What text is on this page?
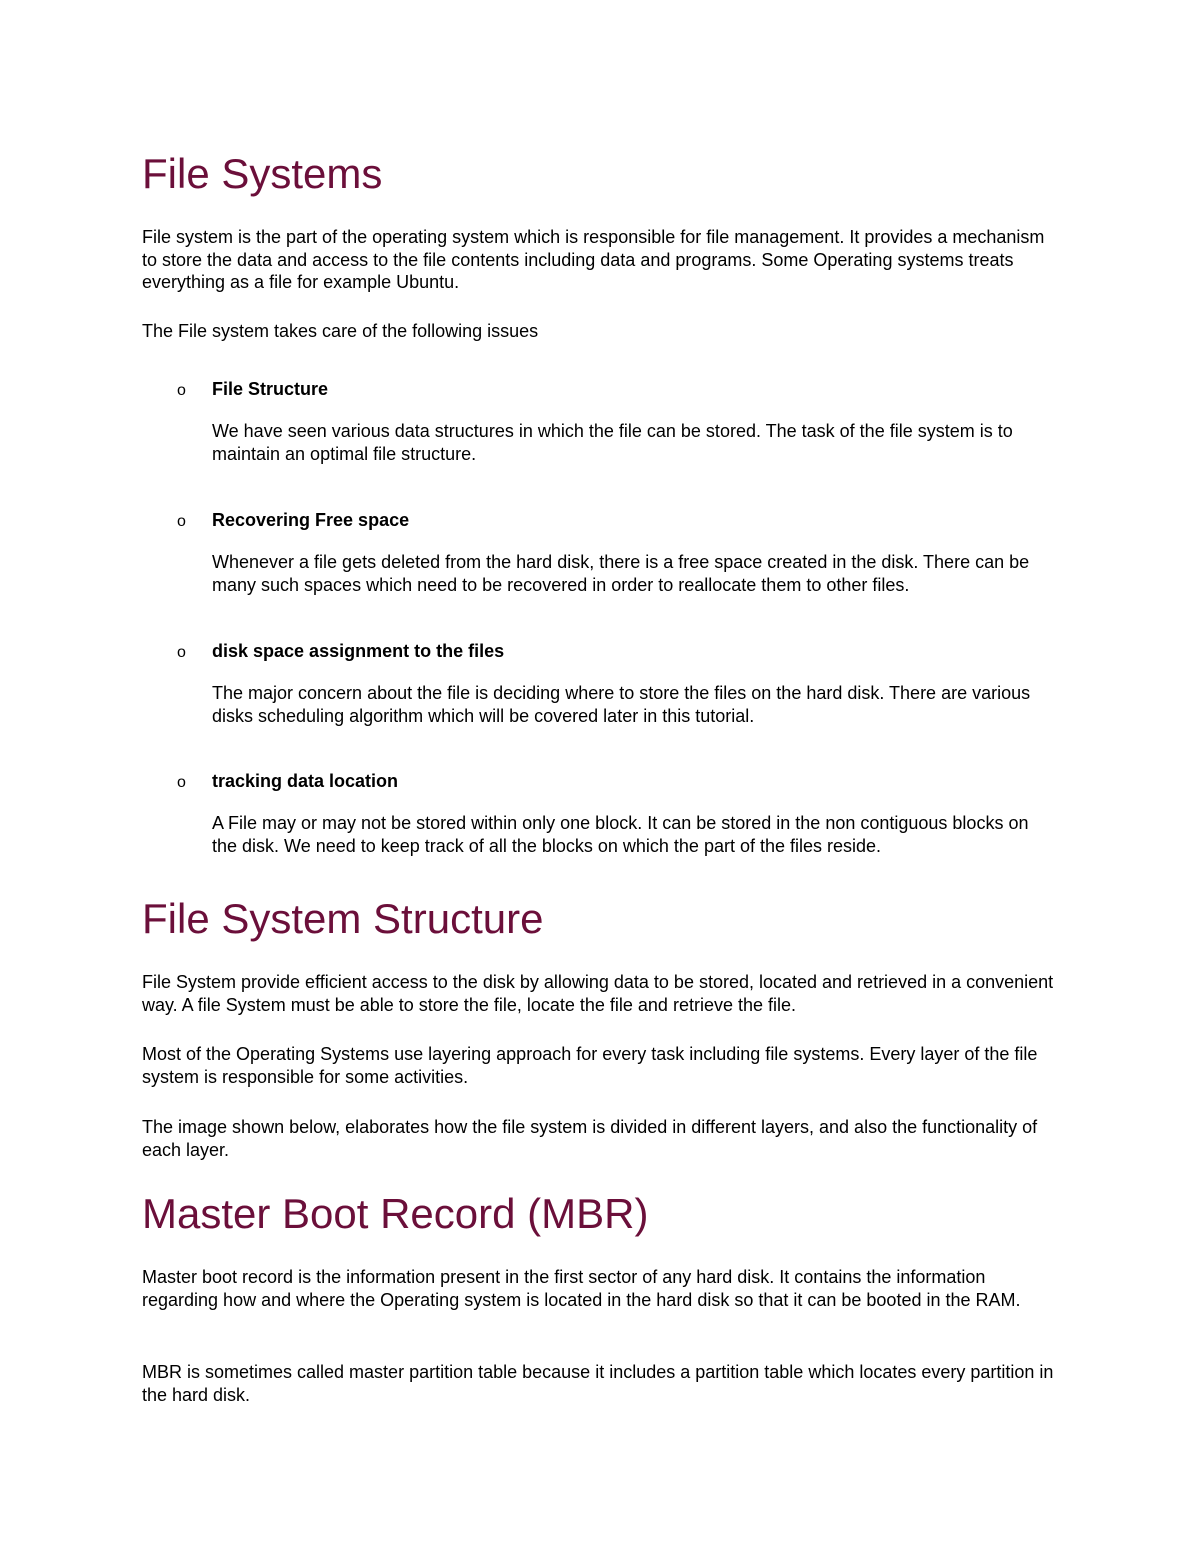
File Systems

File system is the part of the operating system which is responsible for file management. It provides a mechanism to store the data and access to the file contents including data and programs. Some Operating systems treats everything as a file for example Ubuntu.

The File system takes care of the following issues

o File Structure
We have seen various data structures in which the file can be stored. The task of the file system is to maintain an optimal file structure.
o Recovering Free space
Whenever a file gets deleted from the hard disk, there is a free space created in the disk. There can be many such spaces which need to be recovered in order to reallocate them to other files.
o disk space assignment to the files
The major concern about the file is deciding where to store the files on the hard disk. There are various disks scheduling algorithm which will be covered later in this tutorial.
o tracking data location
A File may or may not be stored within only one block. It can be stored in the non contiguous blocks on the disk. We need to keep track of all the blocks on which the part of the files reside.
File System Structure

File System provide efficient access to the disk by allowing data to be stored, located and retrieved in a convenient way. A file System must be able to store the file, locate the file and retrieve the file.

Most of the Operating Systems use layering approach for every task including file systems. Every layer of the file system is responsible for some activities.

The image shown below, elaborates how the file system is divided in different layers, and also the functionality of each layer.

Master Boot Record (MBR)

Master boot record is the information present in the first sector of any hard disk. It contains the information regarding how and where the Operating system is located in the hard disk so that it can be booted in the RAM.

MBR is sometimes called master partition table because it includes a partition table which locates every partition in the hard disk.
